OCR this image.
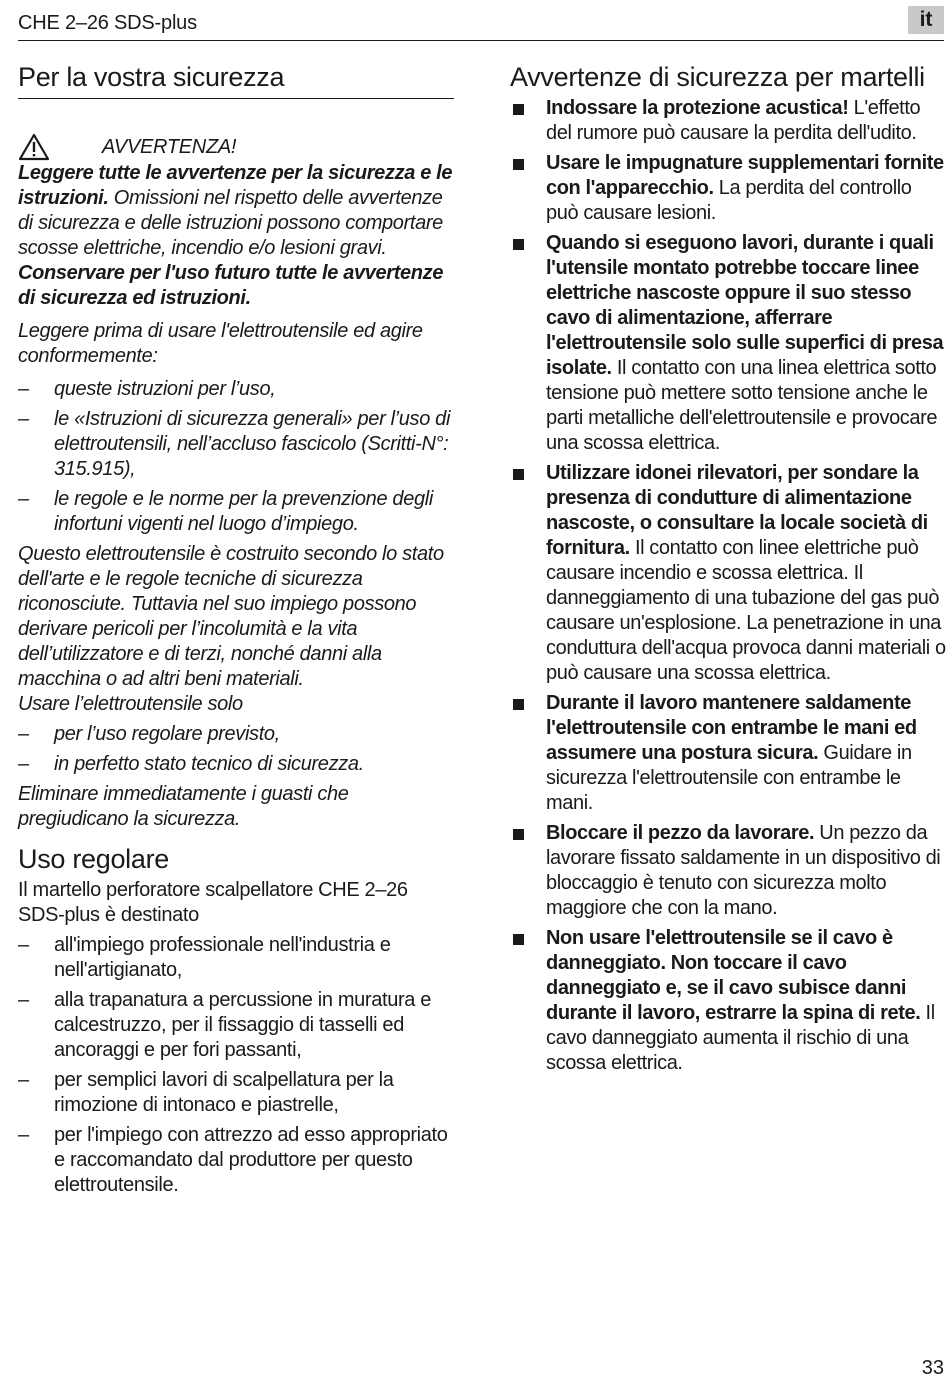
CHE 2–26 SDS-plus	it
Per la vostra sicurezza
AVVERTENZA!

Leggere tutte le avvertenze per la sicurezza e le istruzioni. Omissioni nel rispetto delle avvertenze di sicurezza e delle istruzioni possono comportare scosse elettriche, incendio e/o lesioni gravi.

Conservare per l'uso futuro tutte le avvertenze di sicurezza ed istruzioni.

Leggere prima di usare l'elettroutensile ed agire conformemente:

– queste istruzioni per l’uso,
– le «Istruzioni di sicurezza generali» per l’uso di elettroutensili, nell’accluso fascicolo (Scritti-N°: 315.915),
– le regole e le norme per la prevenzione degli infortuni vigenti nel luogo d’impiego.

Questo elettroutensile è costruito secondo lo stato dell'arte e le regole tecniche di sicurezza riconosciute. Tuttavia nel suo impiego possono derivare pericoli per l’incolumità e la vita dell’utilizzatore e di terzi, nonché danni alla macchina o ad altri beni materiali.

Usare l’elettroutensile solo

– per l’uso regolare previsto,
– in perfetto stato tecnico di sicurezza.

Eliminare immediatamente i guasti che pregiudicano la sicurezza.

Uso regolare

Il martello perforatore scalpellatore CHE 2–26 SDS-plus è destinato

– all'impiego professionale nell'industria e nell'artigianato,
– alla trapanatura a percussione in muratura e calcestruzzo, per il fissaggio di tasselli ed ancoraggi e per fori passanti,
– per semplici lavori di scalpellatura per la rimozione di intonaco e piastrelle,
– per l'impiego con attrezzo ad esso appropriato e raccomandato dal produttore per questo elettroutensile.
Avvertenze di sicurezza per martelli
Indossare la protezione acustica! L'effetto del rumore può causare la perdita dell'udito.
Usare le impugnature supplementari fornite con l'apparecchio. La perdita del controllo può causare lesioni.
Quando si eseguono lavori, durante i quali l'utensile montato potrebbe toccare linee elettriche nascoste oppure il suo stesso cavo di alimentazione, afferrare l'elettroutensile solo sulle superfici di presa isolate. Il contatto con una linea elettrica sotto tensione può mettere sotto tensione anche le parti metalliche dell'elettroutensile e provocare una scossa elettrica.
Utilizzare idonei rilevatori, per sondare la presenza di condutture di alimentazione nascoste, o consultare la locale società di fornitura. Il contatto con linee elettriche può causare incendio e scossa elettrica. Il danneggiamento di una tubazione del gas può causare un'esplosione. La penetrazione in una conduttura dell'acqua provoca danni materiali o può causare una scossa elettrica.
Durante il lavoro mantenere saldamente l'elettroutensile con entrambe le mani ed assumere una postura sicura. Guidare in sicurezza l'elettroutensile con entrambe le mani.
Bloccare il pezzo da lavorare. Un pezzo da lavorare fissato saldamente in un dispositivo di bloccaggio è tenuto con sicurezza molto maggiore che con la mano.
Non usare l'elettroutensile se il cavo è danneggiato. Non toccare il cavo danneggiato e, se il cavo subisce danni durante il lavoro, estrarre la spina di rete. Il cavo danneggiato aumenta il rischio di una scossa elettrica.
33
